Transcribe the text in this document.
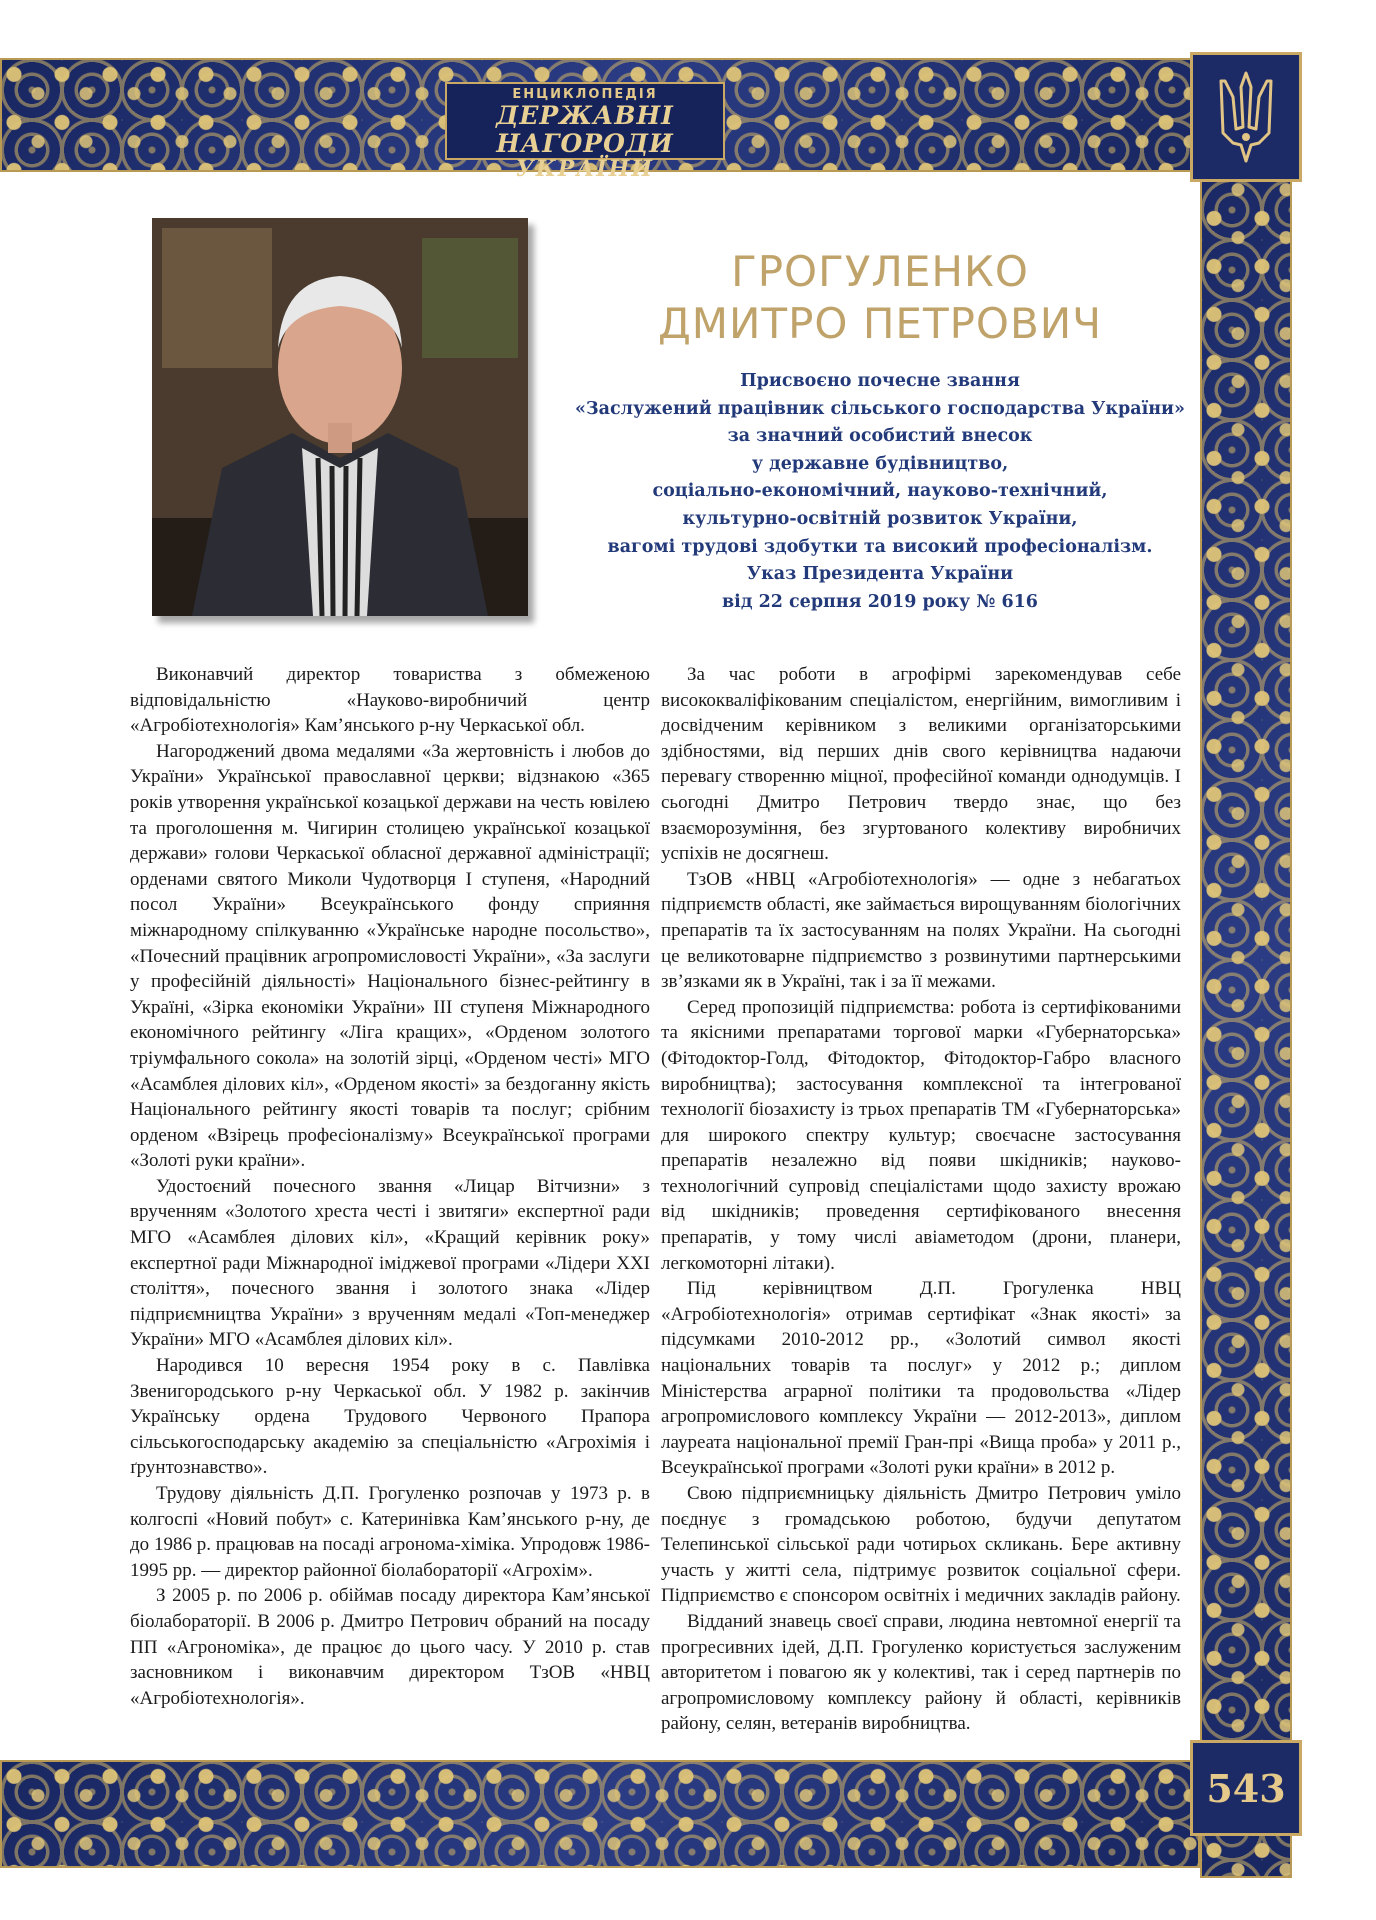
ЕНЦИКЛОПЕДІЯ
ДЕРЖАВНІ НАГОРОДИ
УКРАЇНИ
543
ГРОГУЛЕНКО
ДМИТРО ПЕТРОВИЧ
Присвоєно почесне звання
«Заслужений працівник сільського господарства України»
за значний особистий внесок
у державне будівництво,
соціально-економічний, науково-технічний,
культурно-освітній розвиток України,
вагомі трудові здобутки та високий професіоналізм.
Указ Президента України
від 22 серпня 2019 року № 616

Виконавчий директор товариства з обмеженою відповідальністю «Науково-виробничий центр «Агробіотехнологія» Кам’янського р-ну Черкаської обл.

Нагороджений двома медалями «За жертовність і любов до України» Української православної церкви; відзнакою «365 років утворення української козацької держави на честь ювілею та проголошення м. Чигирин столицею української козацької держави» голови Черкаської обласної державної адміністрації; орденами святого Миколи Чудотворця І ступеня, «Народний посол України» Всеукраїнського фонду сприяння міжнародному спілкуванню «Українське народне посольство», «Почесний працівник агропромисловості України», «За заслуги у професійній діяльності» Національного бізнес-рейтингу в Україні, «Зірка економіки України» ІІІ ступеня Міжнародного економічного рейтингу «Ліга кращих», «Орденом золотого тріумфального сокола» на золотій зірці, «Орденом честі» МГО «Асамблея ділових кіл», «Орденом якості» за бездоганну якість Національного рейтингу якості товарів та послуг; срібним орденом «Взірець професіоналізму» Всеукраїнської програми «Золоті руки країни».

Удостоєний почесного звання «Лицар Вітчизни» з врученням «Золотого хреста честі і звитяги» експертної ради МГО «Асамблея ділових кіл», «Кращий керівник року» експертної ради Міжнародної іміджевої програми «Лідери ХХІ століття», почесного звання і золотого знака «Лідер підприємництва України» з врученням медалі «Топ-менеджер України» МГО «Асамблея ділових кіл».

Народився 10 вересня 1954 року в с. Павлівка Звенигородського р-ну Черкаської обл. У 1982 р. закінчив Українську ордена Трудового Червоного Прапора сільськогосподарську академію за спеціальністю «Агрохімія і ґрунтознавство».

Трудову діяльність Д.П. Грогуленко розпочав у 1973 р. в колгоспі «Новий побут» с. Катеринівка Кам’янського р-ну, де до 1986 р. працював на посаді агронома-хіміка. Упродовж 1986-1995 рр. — директор районної біолабораторії «Агрохім».

З 2005 р. по 2006 р. обіймав посаду директора Кам’янської біолабораторії. В 2006 р. Дмитро Петрович обраний на посаду ПП «Агрономіка», де працює до цього часу. У 2010 р. став засновником і виконавчим директором ТзОВ «НВЦ «Агробіотехнологія».

За час роботи в агрофірмі зарекомендував себе висококваліфікованим спеціалістом, енергійним, вимогливим і досвідченим керівником з великими організаторськими здібностями, від перших днів свого керівництва надаючи перевагу створенню міцної, професійної команди однодумців. І сьогодні Дмитро Петрович твердо знає, що без взаєморозуміння, без згуртованого колективу виробничих успіхів не досягнеш.

ТзОВ «НВЦ «Агробіотехнологія» — одне з небагатьох підприємств області, яке займається вирощуванням біологічних препаратів та їх застосуванням на полях України. На сьогодні це великотоварне підприємство з розвинутими партнерськими зв’язками як в Україні, так і за її межами.

Серед пропозицій підприємства: робота із сертифікованими та якісними препаратами торгової марки «Губернаторська» (Фітодоктор-Голд, Фітодоктор, Фітодоктор-Габро власного виробництва); застосування комплексної та інтегрованої технології біозахисту із трьох препаратів ТМ «Губернаторська» для широкого спектру культур; своєчасне застосування препаратів незалежно від появи шкідників; науково-технологічний супровід спеціалістами щодо захисту врожаю від шкідників; проведення сертифікованого внесення препаратів, у тому числі авіаметодом (дрони, планери, легкомоторні літаки).

Під керівництвом Д.П. Грогуленка НВЦ «Агробіотехнологія» отримав сертифікат «Знак якості» за підсумками 2010-2012 рр., «Золотий символ якості національних товарів та послуг» у 2012 р.; диплом Міністерства аграрної політики та продовольства «Лідер агропромислового комплексу України — 2012-2013», диплом лауреата національної премії Гран-прі «Вища проба» у 2011 р., Всеукраїнської програми «Золоті руки країни» в 2012 р.

Свою підприємницьку діяльність Дмитро Петрович уміло поєднує з громадською роботою, будучи депутатом Телепинської сільської ради чотирьох скликань. Бере активну участь у житті села, підтримує розвиток соціальної сфери. Підприємство є спонсором освітніх і медичних закладів району.

Відданий знавець своєї справи, людина невтомної енергії та прогресивних ідей, Д.П. Грогуленко користується заслуженим авторитетом і повагою як у колективі, так і серед партнерів по агропромисловому комплексу району й області, керівників району, селян, ветеранів виробництва.
